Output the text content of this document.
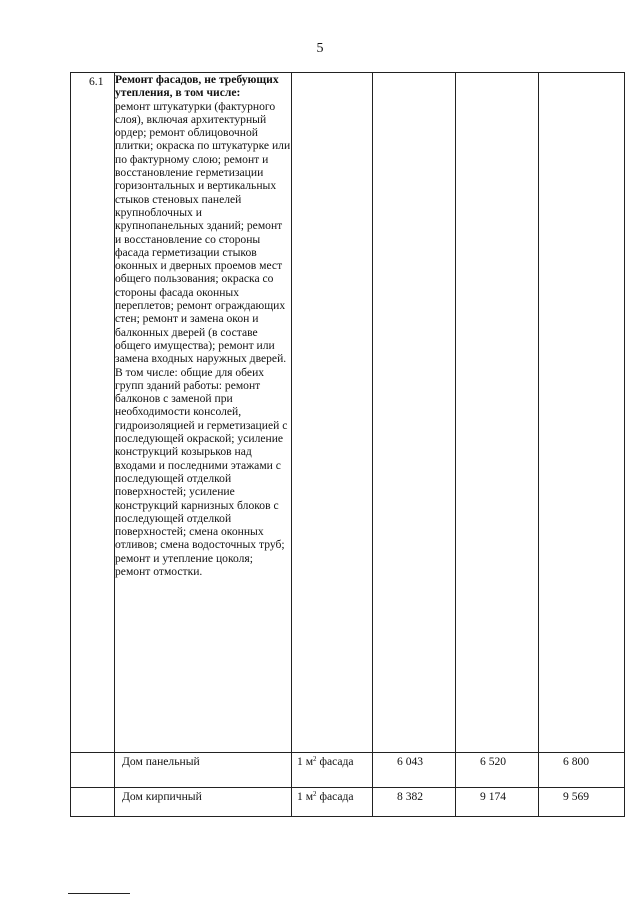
5
6.1	Ремонт фасадов, не требующих утепления, в том числе:
ремонт штукатурки (фактурного слоя), включая архитектурный ордер; ремонт облицовочной плитки; окраска по штукатурке или по фактурному слою; ремонт и восстановление герметизации горизонтальных и вертикальных стыков стеновых панелей крупноблочных и крупнопанельных зданий; ремонт и восстановление со стороны фасада герметизации стыков оконных и дверных проемов мест общего пользования; окраска со стороны фасада оконных переплетов; ремонт ограждающих стен; ремонт и замена окон и балконных дверей (в составе общего имущества); ремонт или замена входных наружных дверей. В том числе: общие для обеих групп зданий работы: ремонт балконов с заменой при необходимости консолей, гидроизоляцией и герметизацией с последующей окраской; усиление конструкций козырьков над входами и последними этажами с последующей отделкой поверхностей; усиление конструкций карнизных блоков с последующей отделкой поверхностей; смена оконных отливов; смена водосточных труб; ремонт и утепление цоколя; ремонт отмостки.				

	Дом панельный	1 $м^2$ фасада	6 043	6 520	6 800

	Дом кирпичный	1 $м^2$ фасада	8 382	9 174	9 569
